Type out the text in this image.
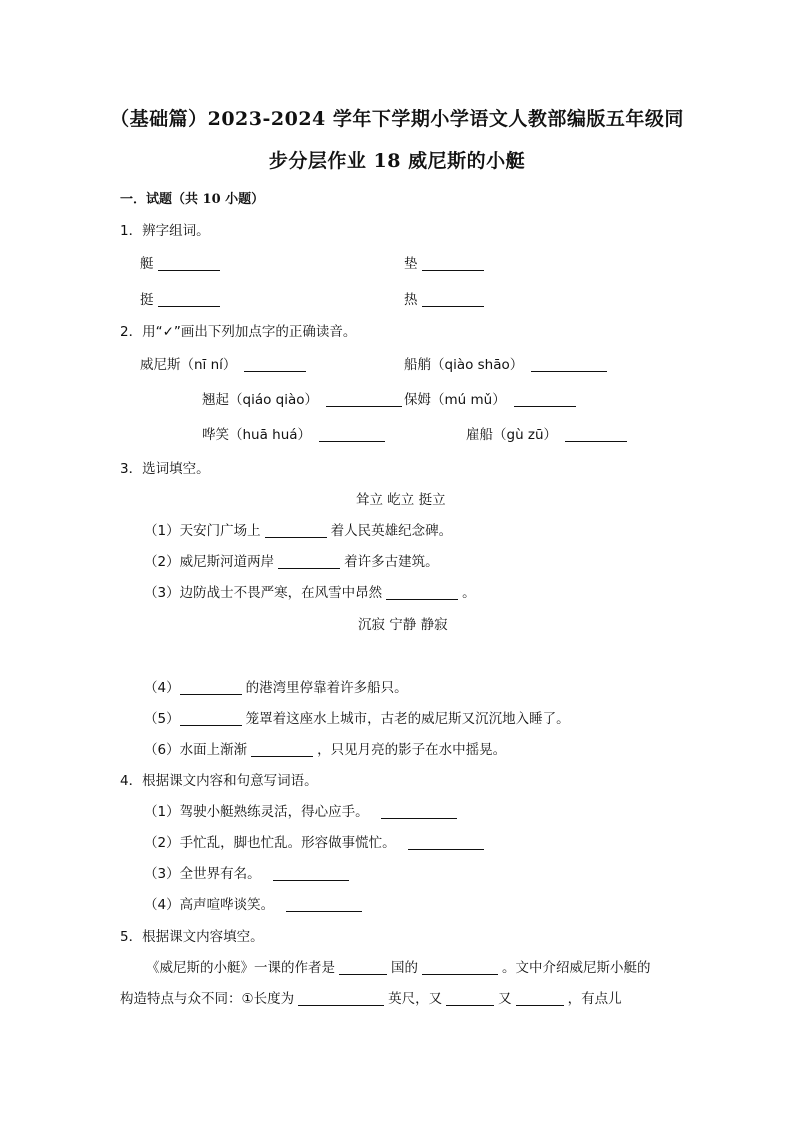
（基础篇）2023-2024 学年下学期小学语文人教部编版五年级同
步分层作业 18 威尼斯的小艇
一．试题（共 10 小题）
1．辨字组词。
艇	垫
挺	热
2．用“✓”画出下列加点字的正确读音。
威尼斯（nī ní）	船艄（qiào shāo）
翘起（qiáo qiào）	保姆（mú mǔ）
哗笑（huā huá）	雇船（gù zū）
3．选词填空。
耸立 屹立 挺立
（1）天安门广场上	着人民英雄纪念碑。
（2）威尼斯河道两岸	着许多古建筑。
（3）边防战士不畏严寒，在风雪中昂然	。
沉寂 宁静 静寂
（4）	的港湾里停靠着许多船只。
（5）	笼罩着这座水上城市，古老的威尼斯又沉沉地入睡了。
（6）水面上渐渐	，只见月亮的影子在水中摇晃。
4．根据课文内容和句意写词语。
（1）驾驶小艇熟练灵活，得心应手。
（2）手忙乱，脚也忙乱。形容做事慌忙。
（3）全世界有名。
（4）高声喧哗谈笑。
5．根据课文内容填空。
《威尼斯的小艇》一课的作者是	国的	。文中介绍威尼斯小艇的
构造特点与众不同：①长度为	英尺，又	又	，有点儿
